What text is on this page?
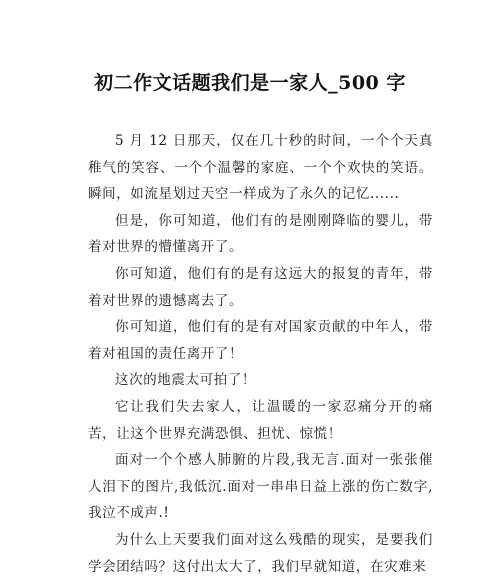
初二作文话题我们是一家人_500 字

5 月 12 日那天，仅在几十秒的时间，一个个天真稚气的笑容、一个个温馨的家庭、一个个欢快的笑语。瞬间，如流星划过天空一样成为了永久的记忆......

但是，你可知道，他们有的是刚刚降临的婴儿，带着对世界的懵懂离开了。

你可知道，他们有的是有这远大的报复的青年，带着对世界的遗憾离去了。

你可知道，他们有的是有对国家贡献的中年人，带着对祖国的责任离开了！

这次的地震太可拍了！

它让我们失去家人，让温暖的一家忍痛分开的痛苦，让这个世界充满恐惧、担忧、惊慌！

面对一个个感人肺腑的片段,我无言.面对一张张催人泪下的图片,我低沉.面对一串串日益上涨的伤亡数字,我泣不成声.!

为什么上天要我们面对这么残酷的现实，是要我们学会团结吗？这付出太大了，我们早就知道，在灾难来
